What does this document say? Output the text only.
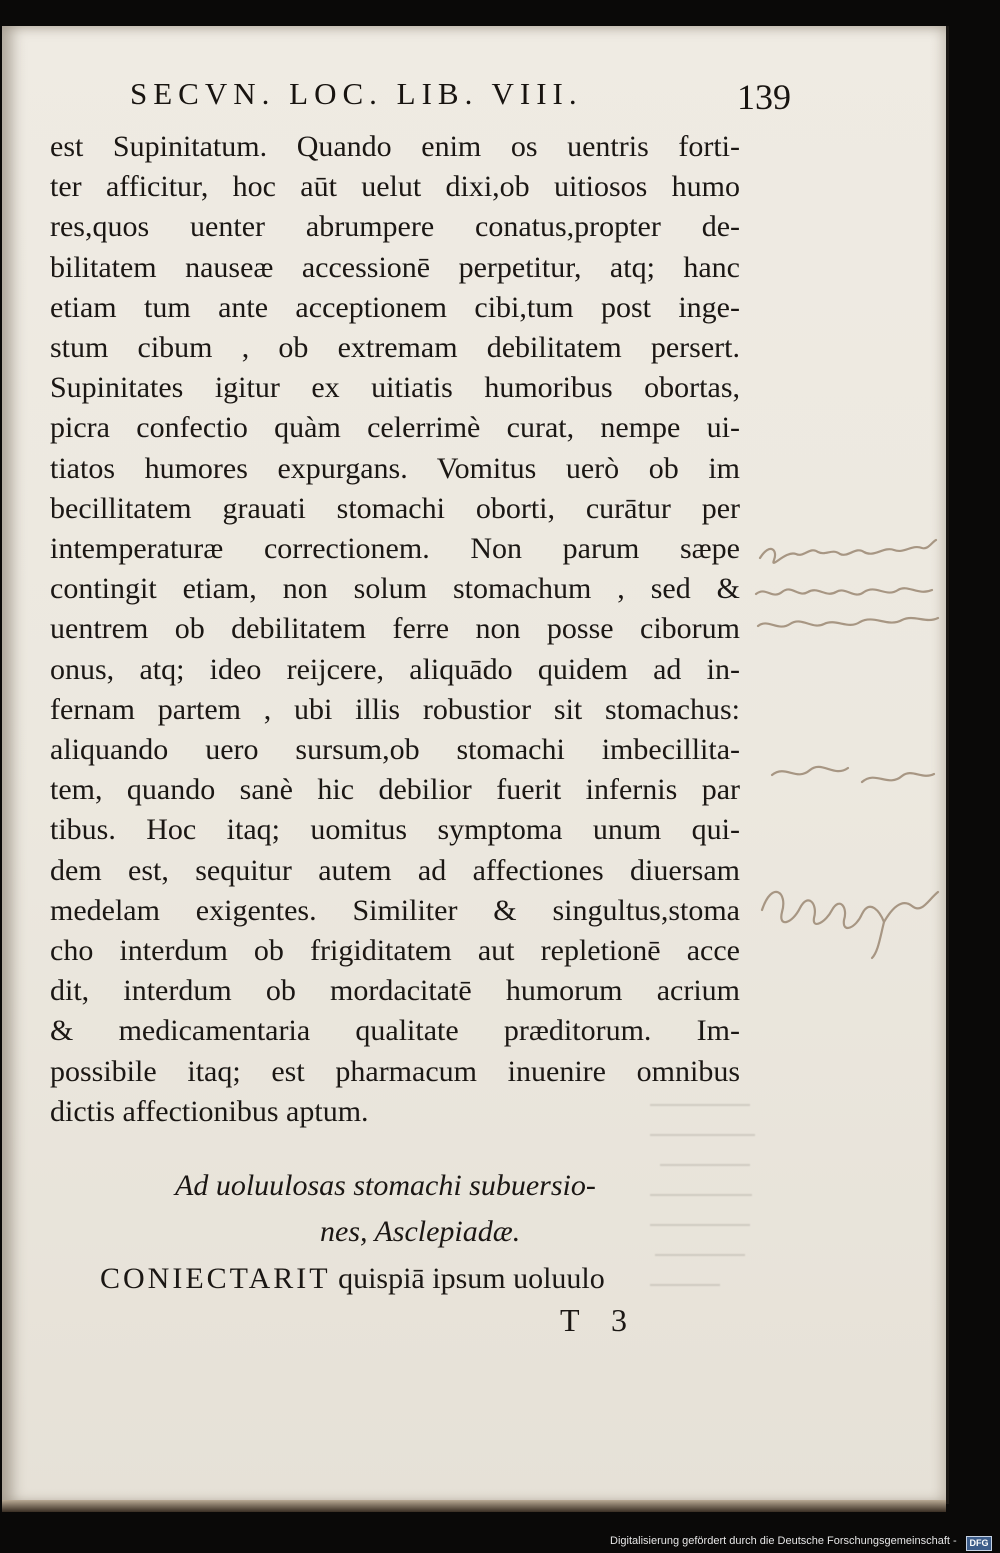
SECVN. LOC. LIB. VIII.	139
est Supinitatum. Quando enim os uentris forti-
ter afficitur, hoc aūt uelut dixi,ob uitiosos humo
res,quos uenter abrumpere conatus,propter de-
bilitatem nauseæ accessionē perpetitur, atq; hanc
etiam tum ante acceptionem cibi,tum post inge-
stum cibum , ob extremam debilitatem persert.
Supinitates igitur ex uitiatis humoribus obortas,
picra confectio quàm celerrimè curat, nempe ui-
tiatos humores expurgans. Vomitus uerò ob im
becillitatem grauati stomachi oborti, curātur per
intemperaturæ correctionem. Non parum sæpe
contingit etiam, non solum stomachum , sed &
uentrem ob debilitatem ferre non posse ciborum
onus, atq; ideo reijcere, aliquādo quidem ad in-
fernam partem , ubi illis robustior sit stomachus:
aliquando uero sursum,ob stomachi imbecillita-
tem, quando sanè hic debilior fuerit infernis par
tibus. Hoc itaq; uomitus symptoma unum qui-
dem est, sequitur autem ad affectiones diuersam
medelam exigentes. Similiter & singultus,stoma
cho interdum ob frigiditatem aut repletionē acce
dit, interdum ob mordacitatē humorum acrium
& medicamentaria qualitate præditorum. Im-
possibile itaq; est pharmacum inuenire omnibus
dictis affectionibus aptum.
Ad uoluulosas stomachi subuersio-
nes, Asclepiadæ.
CONIECTARIT quispiā ipsum uoluulo
T 3
Digitalisierung gefördert durch die Deutsche Forschungsgemeinschaft -	DFG
